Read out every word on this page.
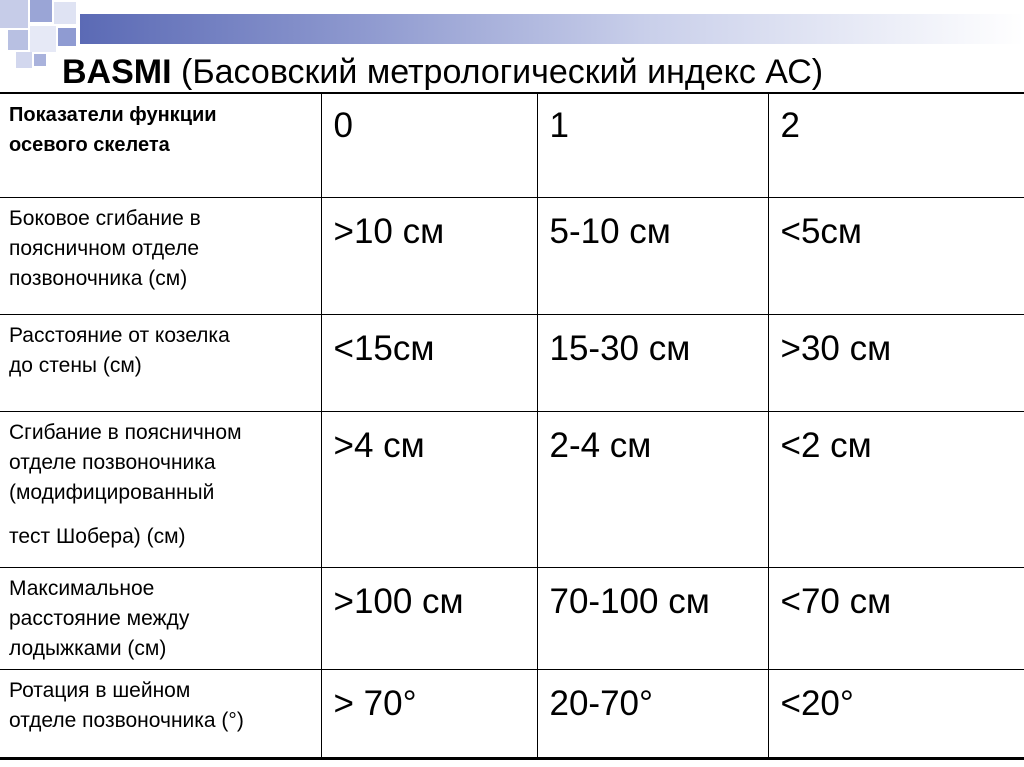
BASMI (Басовский метрологический индекс АС)
Показатели функции
осевого скелета	0	1	2

Боковое сгибание в
поясничном отделе
позвоночника (см)	>10 см	5-10 см	<5см

Расстояние от козелка
до стены (см)	<15см	15-30 см	>30 см

Сгибание в поясничном
отделе позвоночника
(модифицированный
тест Шобера) (см)	>4 см	2-4 см	<2 см

Максимальное
расстояние между
лодыжками (см)	>100 см	70-100 см	<70 см

Ротация в шейном
отделе позвоночника (°)	> 70°	20-70°	<20°
